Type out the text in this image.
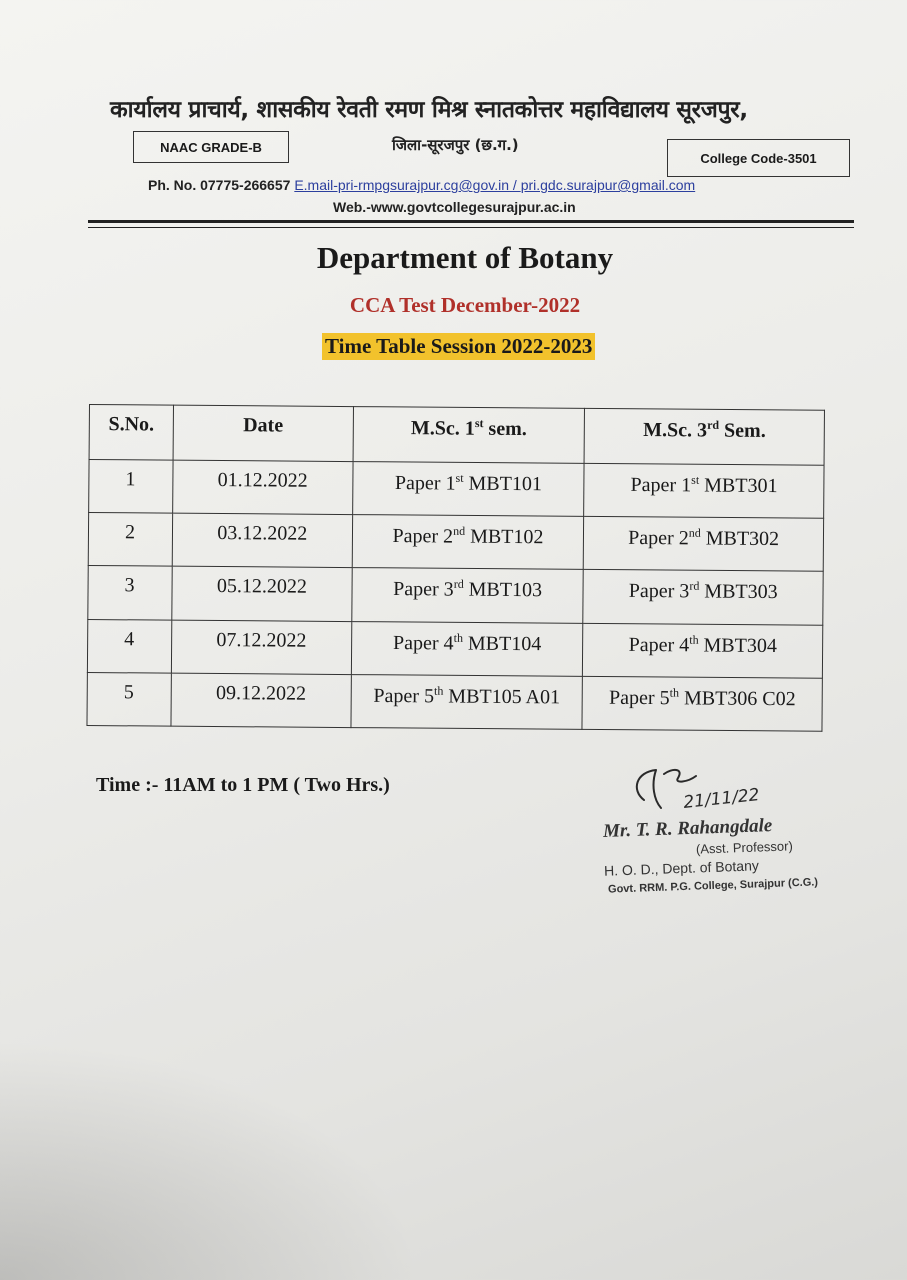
कार्यालय प्राचार्य, शासकीय रेवती रमण मिश्र स्नातकोत्तर महाविद्यालय सूरजपुर,
NAAC GRADE-B	जिला-सूरजपुर (छ.ग.)
College Code-3501
Ph. No. 07775-266657 E.mail-pri-rmpgsurajpur.cg@gov.in / pri.gdc.surajpur@gmail.com
Web.-www.govtcollegesurajpur.ac.in
Department of Botany
CCA Test December-2022
Time Table Session 2022-2023
S.No.	Date	M.Sc. 1st sem.	M.Sc. 3rd Sem.
1	01.12.2022	Paper 1st MBT101	Paper 1st MBT301
2	03.12.2022	Paper 2nd MBT102	Paper 2nd MBT302
3	05.12.2022	Paper 3rd MBT103	Paper 3rd MBT303
4	07.12.2022	Paper 4th MBT104	Paper 4th MBT304
5	09.12.2022	Paper 5th MBT105 A01	Paper 5th MBT306 C02
Time :- 11AM to 1 PM ( Two Hrs.)
21/11/22
Mr. T. R. Rahangdale
(Asst. Professor)
H. O. D., Dept. of Botany
Govt. RRM. P.G. College, Surajpur (C.G.)
